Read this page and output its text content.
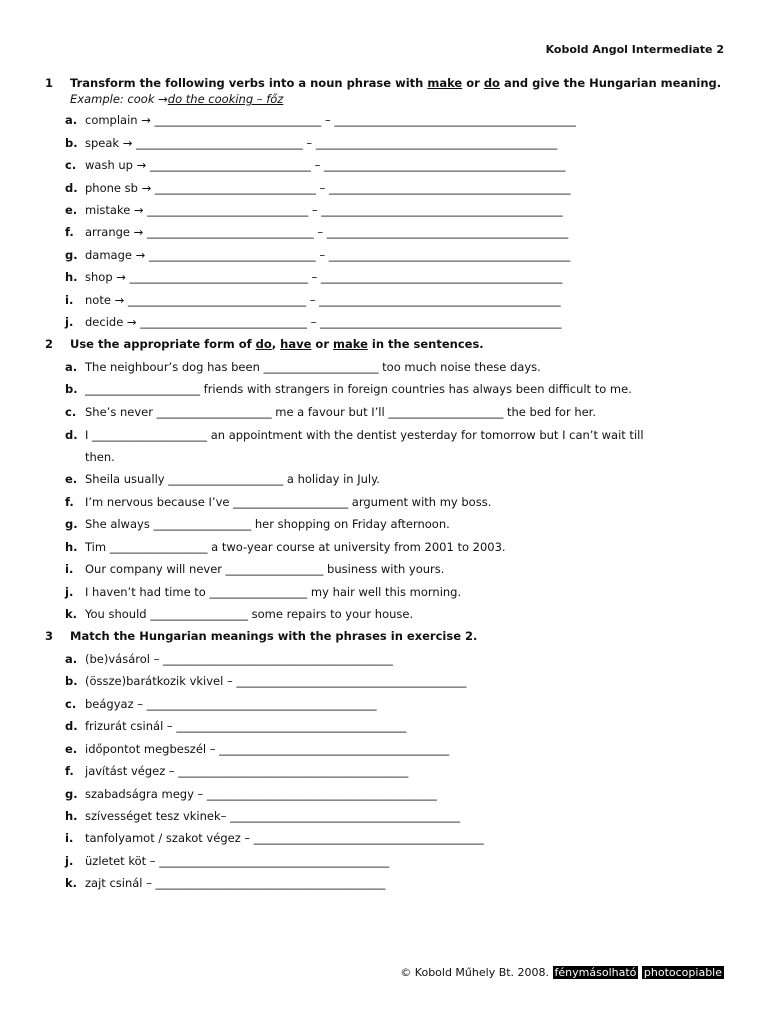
Kobold Angol Intermediate 2
1 Transform the following verbs into a noun phrase with make or do and give the Hungarian meaning.
Example: cook →do the cooking – főz
a. complain → _____________________________ – __________________________________________
b. speak → _____________________________ – __________________________________________
c. wash up → ____________________________ – __________________________________________
d. phone sb → ____________________________ – __________________________________________
e. mistake → ____________________________ – __________________________________________
f. arrange → _____________________________ – __________________________________________
g. damage → _____________________________ – __________________________________________
h. shop → _______________________________ – __________________________________________
i. note → _______________________________ – __________________________________________
j. decide → _____________________________ – __________________________________________
2 Use the appropriate form of do, have or make in the sentences.
a. The neighbour’s dog has been ____________________ too much noise these days.
b. ____________________ friends with strangers in foreign countries has always been difficult to me.
c. She’s never ____________________ me a favour but I’ll ____________________ the bed for her.
d. I ____________________ an appointment with the dentist yesterday for tomorrow but I can’t wait till
then.
e. Sheila usually ____________________ a holiday in July.
f. I’m nervous because I’ve ____________________ argument with my boss.
g. She always _________________ her shopping on Friday afternoon.
h. Tim _________________ a two-year course at university from 2001 to 2003.
i. Our company will never _________________ business with yours.
j. I haven’t had time to _________________ my hair well this morning.
k. You should _________________ some repairs to your house.
3 Match the Hungarian meanings with the phrases in exercise 2.
a. (be)vásárol – ________________________________________
b. (össze)barátkozik vkivel – ________________________________________
c. beágyaz – ________________________________________
d. frizurát csinál – ________________________________________
e. időpontot megbeszél – ________________________________________
f. javítást végez – ________________________________________
g. szabadságra megy – ________________________________________
h. szívességet tesz vkinek– ________________________________________
i. tanfolyamot / szakot végez – ________________________________________
j. üzletet köt – ________________________________________
k. zajt csinál – ________________________________________
© Kobold Műhely Bt. 2008. fénymásolható photocopiable
